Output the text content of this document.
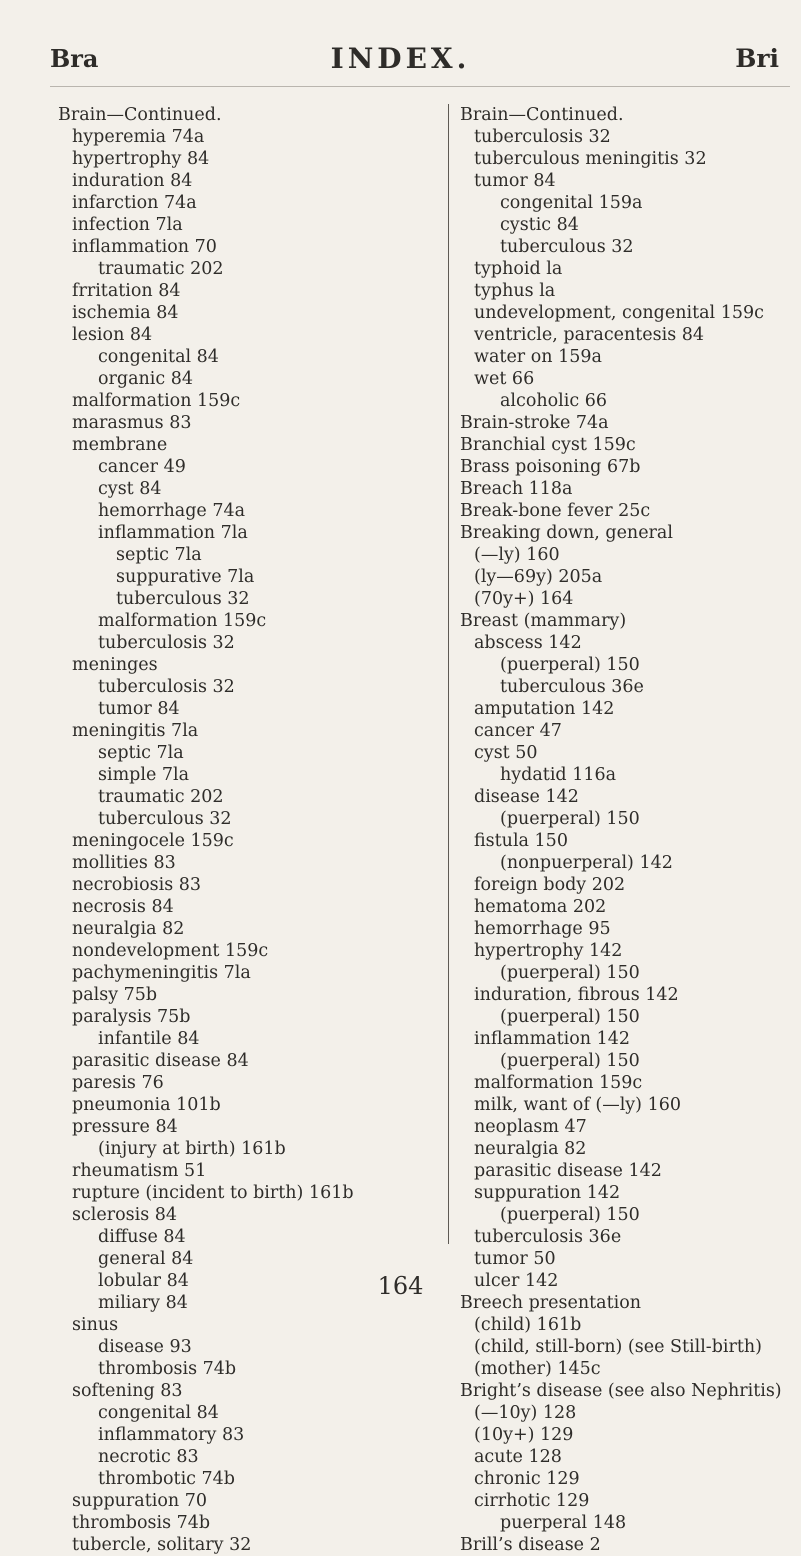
Bra	INDEX.	Bri
Brain—Continued.
hyperemia 74a
hypertrophy 84
induration 84
infarction 74a
infection 7la
inflammation 70
traumatic 202
frritation 84
ischemia 84
lesion 84
congenital 84
organic 84
malformation 159c
marasmus 83
membrane
cancer 49
cyst 84
hemorrhage 74a
inflammation 7la
septic 7la
suppurative 7la
tuberculous 32
malformation 159c
tuberculosis 32
meninges
tuberculosis 32
tumor 84
meningitis 7la
septic 7la
simple 7la
traumatic 202
tuberculous 32
meningocele 159c
mollities 83
necrobiosis 83
necrosis 84
neuralgia 82
nondevelopment 159c
pachymeningitis 7la
palsy 75b
paralysis 75b
infantile 84
parasitic disease 84
paresis 76
pneumonia 101b
pressure 84
(injury at birth) 161b
rheumatism 51
rupture (incident to birth) 161b
sclerosis 84
diffuse 84
general 84
lobular 84
miliary 84
sinus
disease 93
thrombosis 74b
softening 83
congenital 84
inflammatory 83
necrotic 83
thrombotic 74b
suppuration 70
thrombosis 74b
tubercle, solitary 32
Brain—Continued.
tuberculosis 32
tuberculous meningitis 32
tumor 84
congenital 159a
cystic 84
tuberculous 32
typhoid la
typhus la
undevelopment, congenital 159c
ventricle, paracentesis 84
water on 159a
wet 66
alcoholic 66
Brain-stroke 74a
Branchial cyst 159c
Brass poisoning 67b
Breach 118a
Break-bone fever 25c
Breaking down, general
(—ly) 160
(ly—69y) 205a
(70y+) 164
Breast (mammary)
abscess 142
(puerperal) 150
tuberculous 36e
amputation 142
cancer 47
cyst 50
hydatid 116a
disease 142
(puerperal) 150
fistula 150
(nonpuerperal) 142
foreign body 202
hematoma 202
hemorrhage 95
hypertrophy 142
(puerperal) 150
induration, fibrous 142
(puerperal) 150
inflammation 142
(puerperal) 150
malformation 159c
milk, want of (—ly) 160
neoplasm 47
neuralgia 82
parasitic disease 142
suppuration 142
(puerperal) 150
tuberculosis 36e
tumor 50
ulcer 142
Breech presentation
(child) 161b
(child, still-born) (see Still-birth)
(mother) 145c
Bright’s disease (see also Nephritis)
(—10y) 128
(10y+) 129
acute 128
chronic 129
cirrhotic 129
puerperal 148
Brill’s disease 2
164
